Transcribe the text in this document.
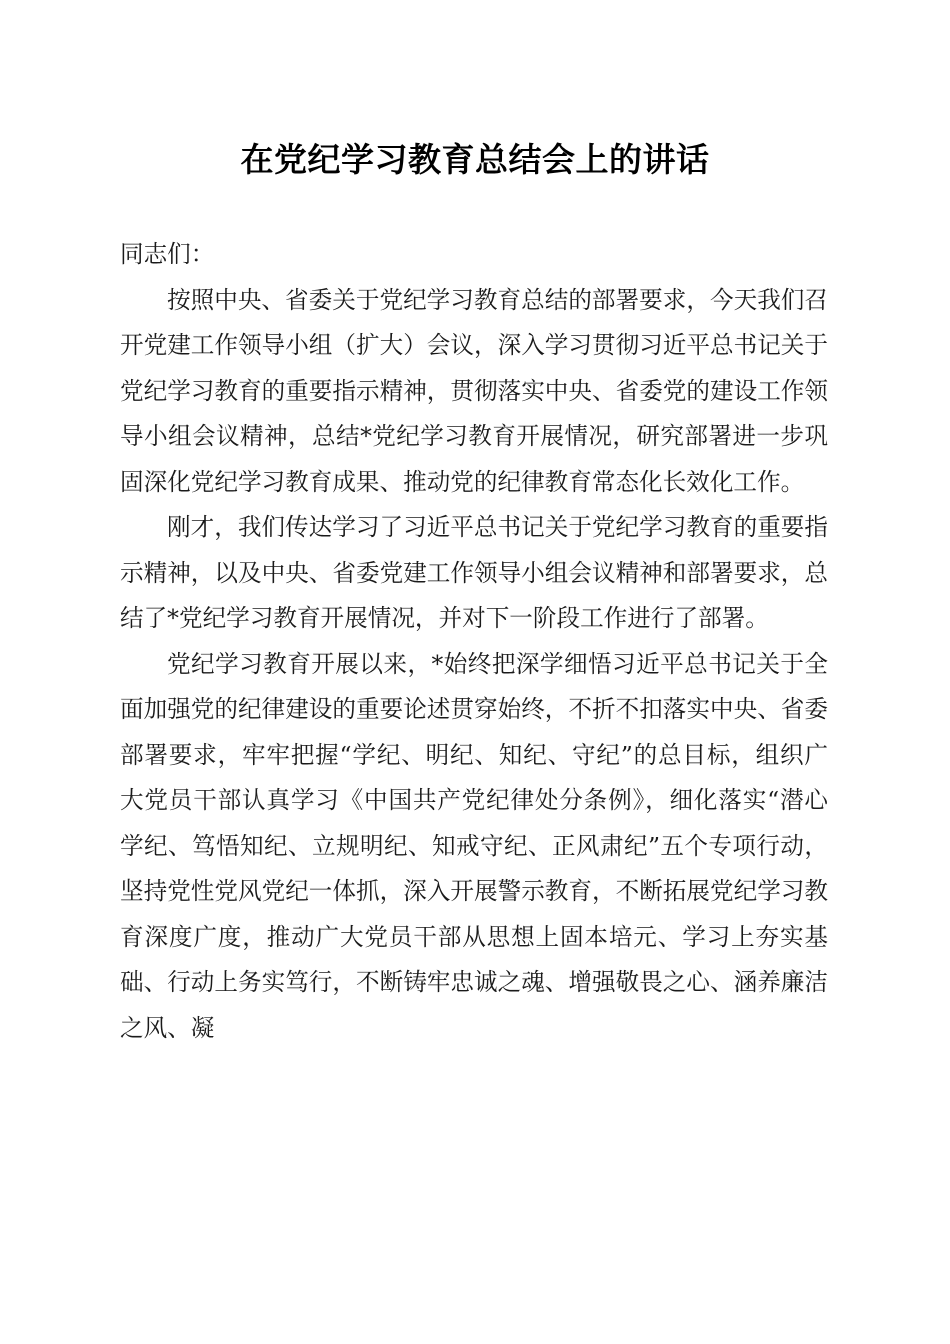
在党纪学习教育总结会上的讲话

同志们：

按照中央、省委关于党纪学习教育总结的部署要求，今天我们召开党建工作领导小组（扩大）会议，深入学习贯彻习近平总书记关于党纪学习教育的重要指示精神，贯彻落实中央、省委党的建设工作领导小组会议精神，总结*党纪学习教育开展情况，研究部署进一步巩固深化党纪学习教育成果、推动党的纪律教育常态化长效化工作。

刚才，我们传达学习了习近平总书记关于党纪学习教育的重要指示精神，以及中央、省委党建工作领导小组会议精神和部署要求，总结了*党纪学习教育开展情况，并对下一阶段工作进行了部署。

党纪学习教育开展以来，*始终把深学细悟习近平总书记关于全面加强党的纪律建设的重要论述贯穿始终，不折不扣落实中央、省委部署要求，牢牢把握“学纪、明纪、知纪、守纪”的总目标，组织广大党员干部认真学习《中国共产党纪律处分条例》，细化落实“潜心学纪、笃悟知纪、立规明纪、知戒守纪、正风肃纪”五个专项行动，坚持党性党风党纪一体抓，深入开展警示教育，不断拓展党纪学习教育深度广度，推动广大党员干部从思想上固本培元、学习上夯实基础、行动上务实笃行，不断铸牢忠诚之魂、增强敬畏之心、涵养廉洁之风、凝
